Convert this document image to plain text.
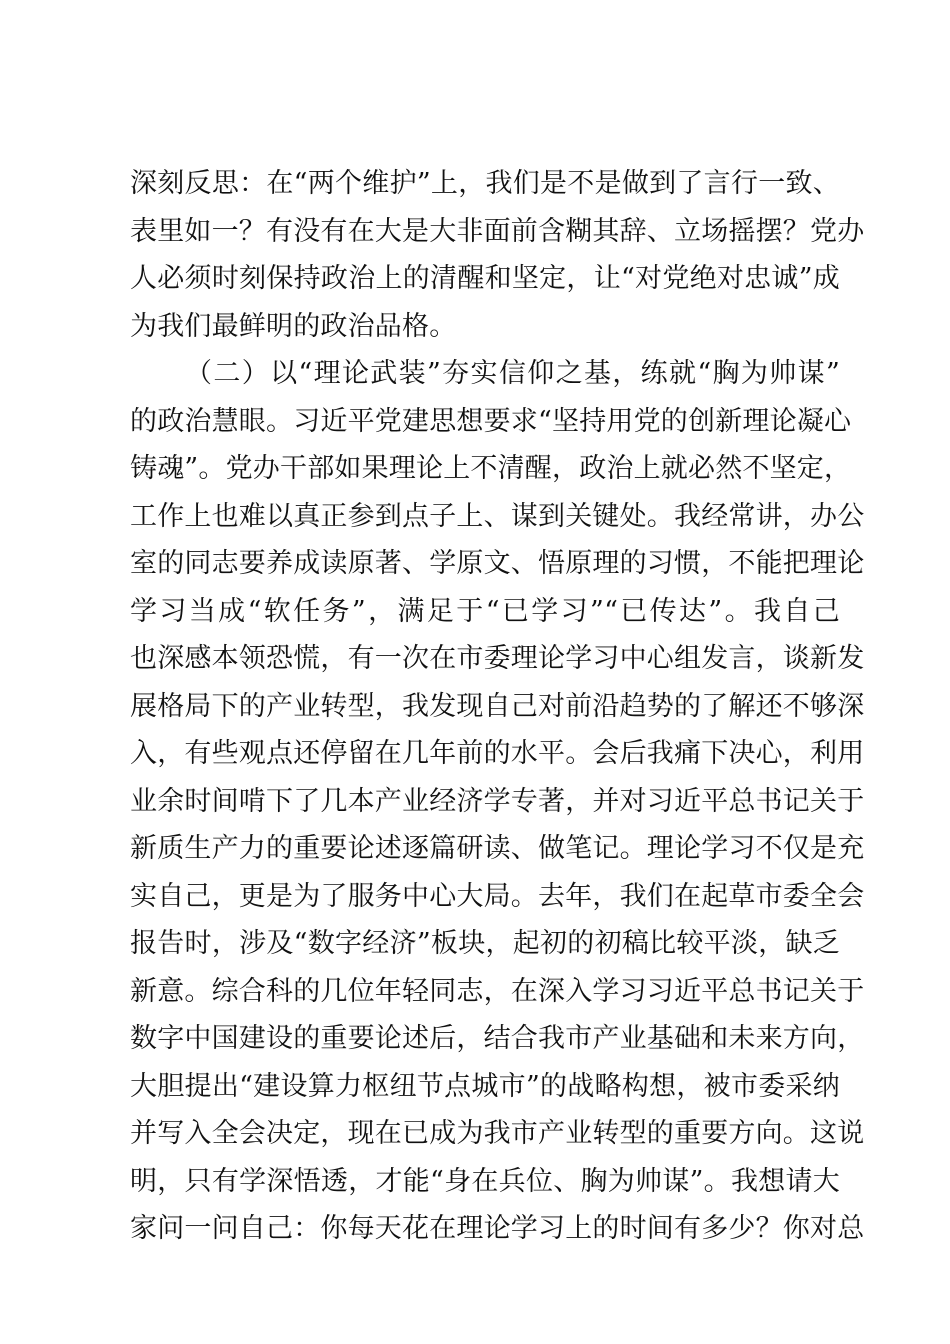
深刻反思：在“两个维护”上，我们是不是做到了言行一致、
表里如一？有没有在大是大非面前含糊其辞、立场摇摆？党办
人必须时刻保持政治上的清醒和坚定，让“对党绝对忠诚”成
为我们最鲜明的政治品格。
（二）以“理论武装”夯实信仰之基，练就“胸为帅谋”
的政治慧眼。习近平党建思想要求“坚持用党的创新理论凝心
铸魂”。党办干部如果理论上不清醒，政治上就必然不坚定，
工作上也难以真正参到点子上、谋到关键处。我经常讲，办公
室的同志要养成读原著、学原文、悟原理的习惯，不能把理论
学习当成“软任务”，满足于“已学习”“已传达”。我自己
也深感本领恐慌，有一次在市委理论学习中心组发言，谈新发
展格局下的产业转型，我发现自己对前沿趋势的了解还不够深
入，有些观点还停留在几年前的水平。会后我痛下决心，利用
业余时间啃下了几本产业经济学专著，并对习近平总书记关于
新质生产力的重要论述逐篇研读、做笔记。理论学习不仅是充
实自己，更是为了服务中心大局。去年，我们在起草市委全会
报告时，涉及“数字经济”板块，起初的初稿比较平淡，缺乏
新意。综合科的几位年轻同志，在深入学习习近平总书记关于
数字中国建设的重要论述后，结合我市产业基础和未来方向，
大胆提出“建设算力枢纽节点城市”的战略构想，被市委采纳
并写入全会决定，现在已成为我市产业转型的重要方向。这说
明，只有学深悟透，才能“身在兵位、胸为帅谋”。我想请大
家问一问自己：你每天花在理论学习上的时间有多少？你对总
